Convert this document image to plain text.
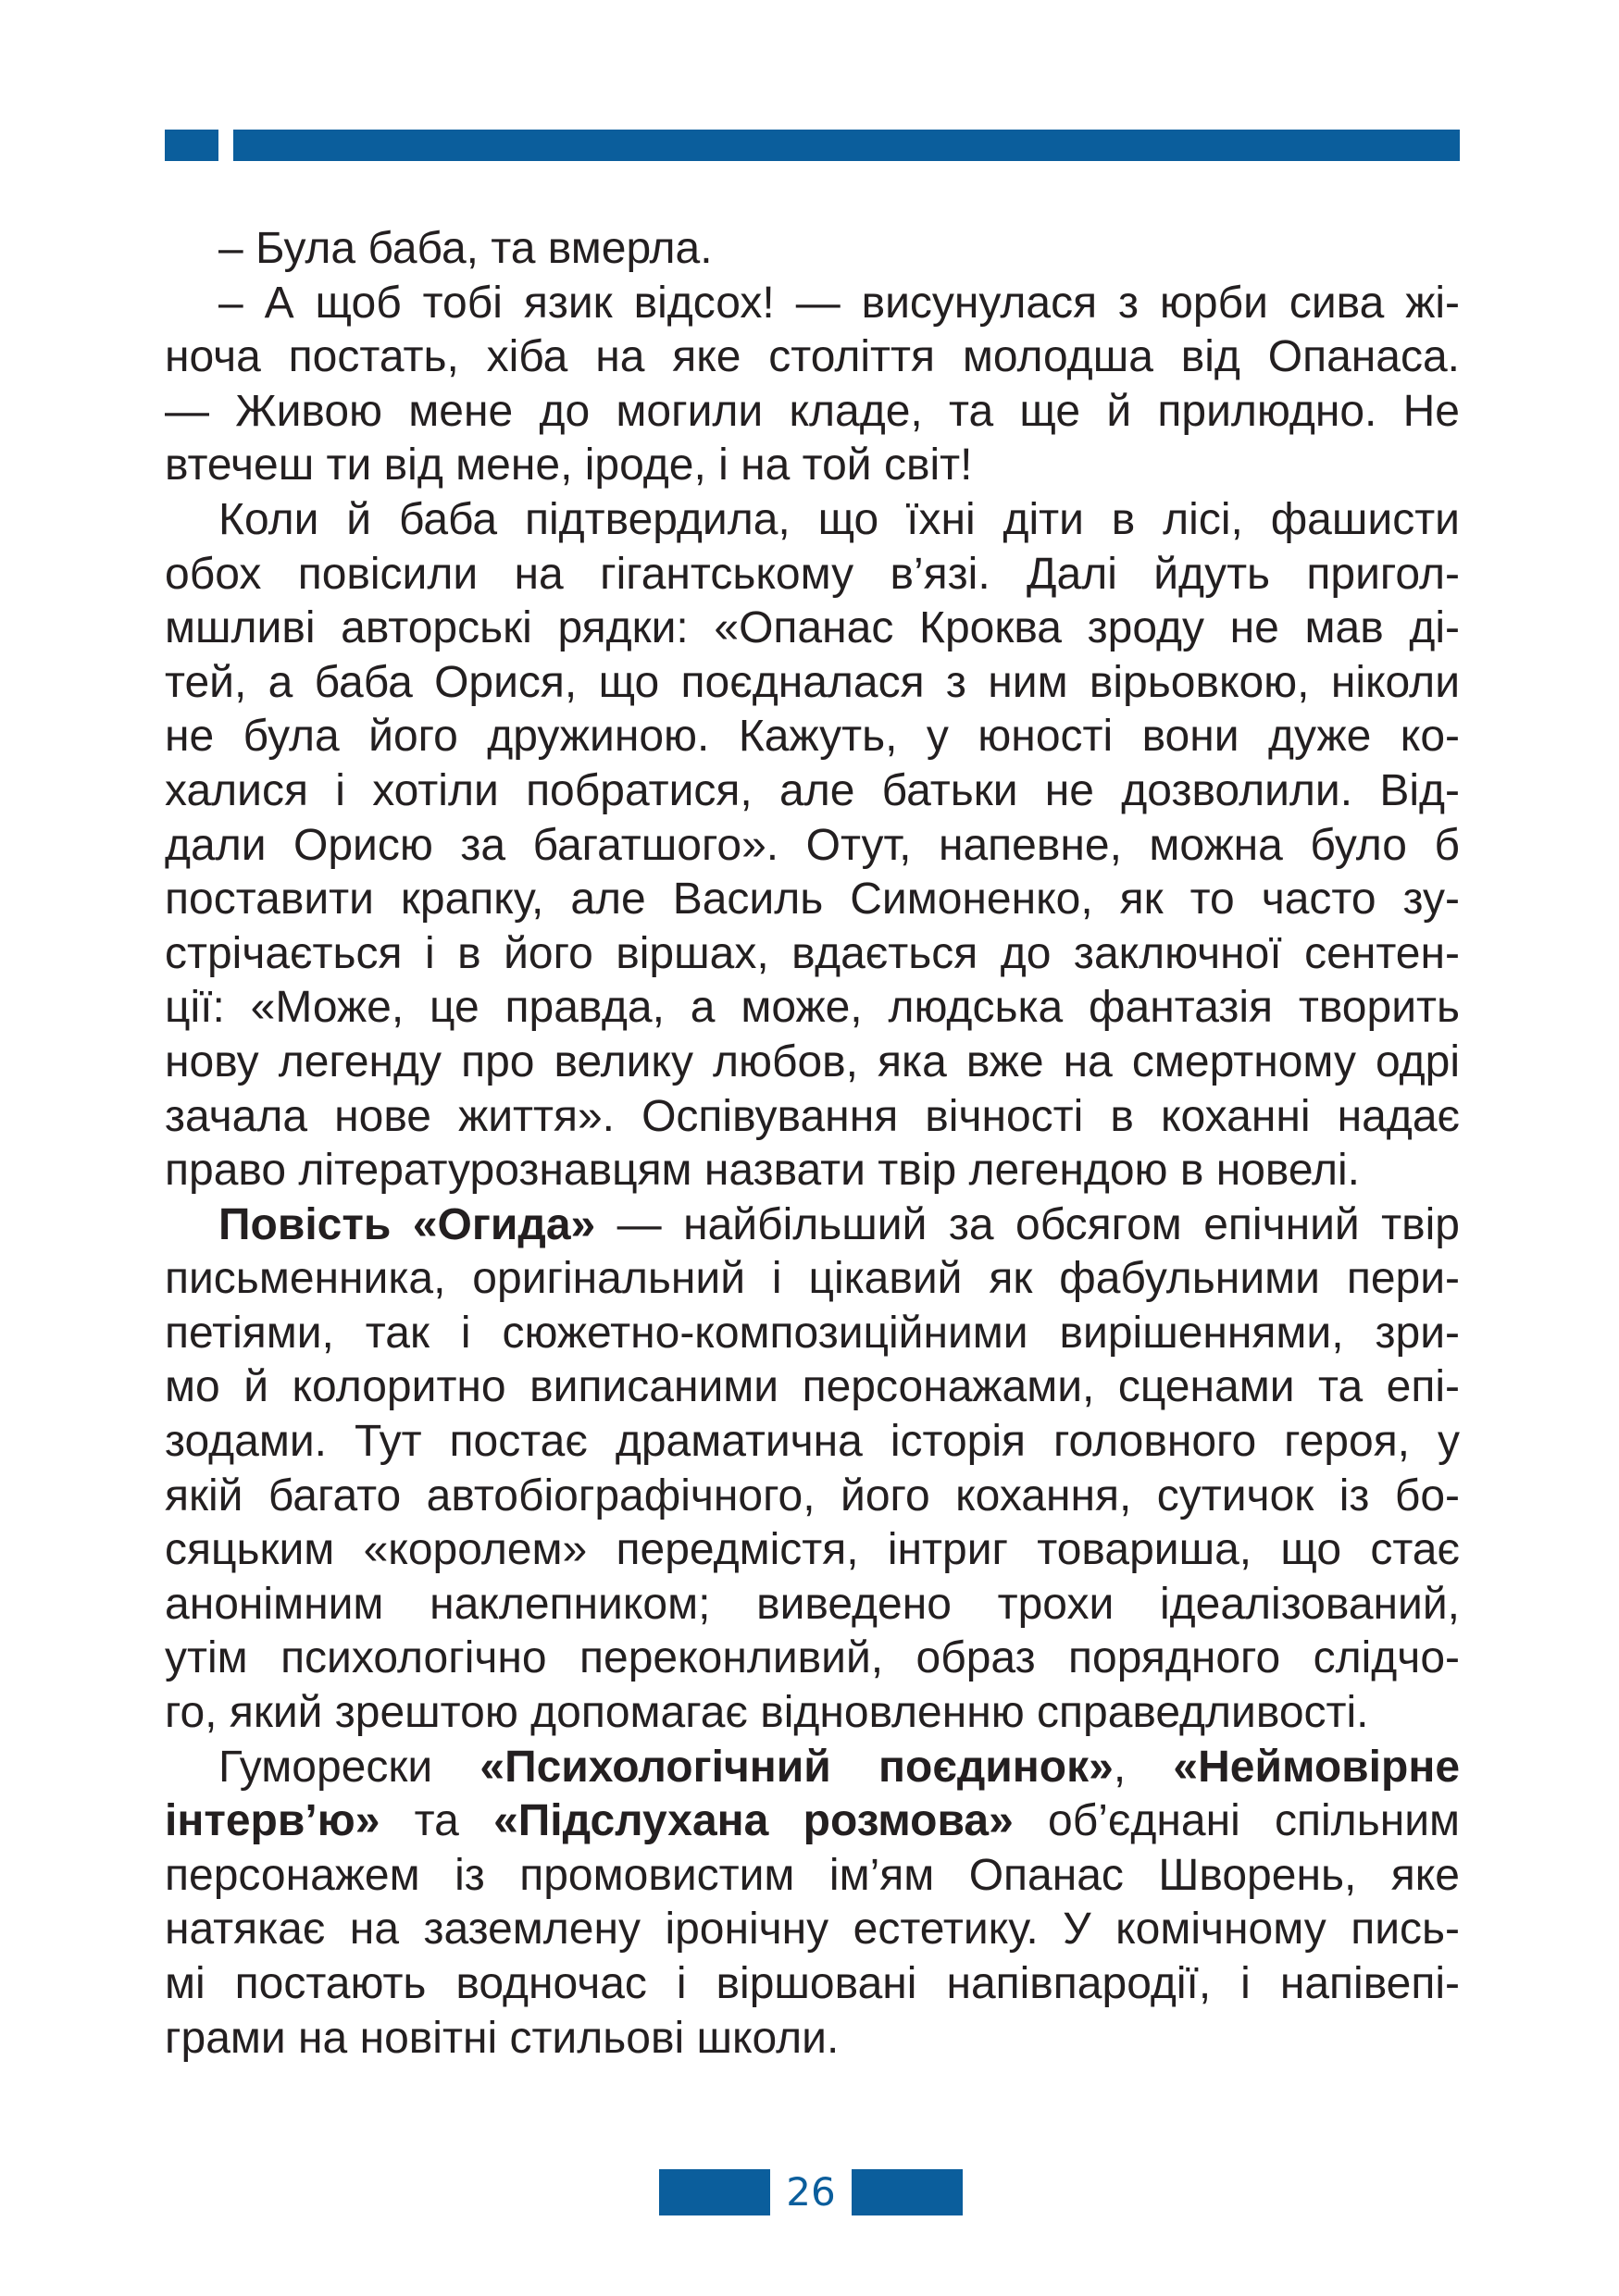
– Була баба, та вмерла.
– А щоб тобі язик відсох! — висунулася з юрби сива жі-
ноча постать, хіба на яке століття молодша від Опанаса.
— Живою мене до могили кладе, та ще й прилюдно. Не
втечеш ти від мене, іроде, і на той світ!
Коли й баба підтвердила, що їхні діти в лісі, фашисти
обох повісили на гігантському в’язі. Далі йдуть пригол-
мшливі авторські рядки: «Опанас Кроква зроду не мав ді-
тей, а баба Орися, що поєдналася з ним вірьовкою, ніколи
не була його дружиною. Кажуть, у юності вони дуже ко-
халися і хотіли побратися, але батьки не дозволили. Від-
дали Орисю за багатшого». Отут, напевне, можна було б
поставити крапку, але Василь Симоненко, як то часто зу-
стрічається і в його віршах, вдається до заключної сентен-
ції: «Може, це правда, а може, людська фантазія творить
нову легенду про велику любов, яка вже на смертному одрі
зачала нове життя». Оспівування вічності в коханні надає
право літературознавцям назвати твір легендою в новелі.
Повість «Огида» — найбільший за обсягом епічний твір
письменника, оригінальний і цікавий як фабульними пери-
петіями, так і сюжетно-композиційними вирішеннями, зри-
мо й колоритно виписаними персонажами, сценами та епі-
зодами. Тут постає драматична історія головного героя, у
якій багато автобіографічного, його кохання, сутичок із бо-
сяцьким «королем» передмістя, інтриг товариша, що стає
анонімним наклепником; виведено трохи ідеалізований,
утім психологічно переконливий, образ порядного слідчо-
го, який зрештою допомагає відновленню справедливості.
Гуморески «Психологічний поєдинок», «Неймовірне
інтерв’ю» та «Підслухана розмова» об’єднані спільним
персонажем із промовистим ім’ям Опанас Шворень, яке
натякає на заземлену іронічну естетику. У комічному пись-
мі постають водночас і віршовані напівпародії, і напівепі-
грами на новітні стильові школи.
26
